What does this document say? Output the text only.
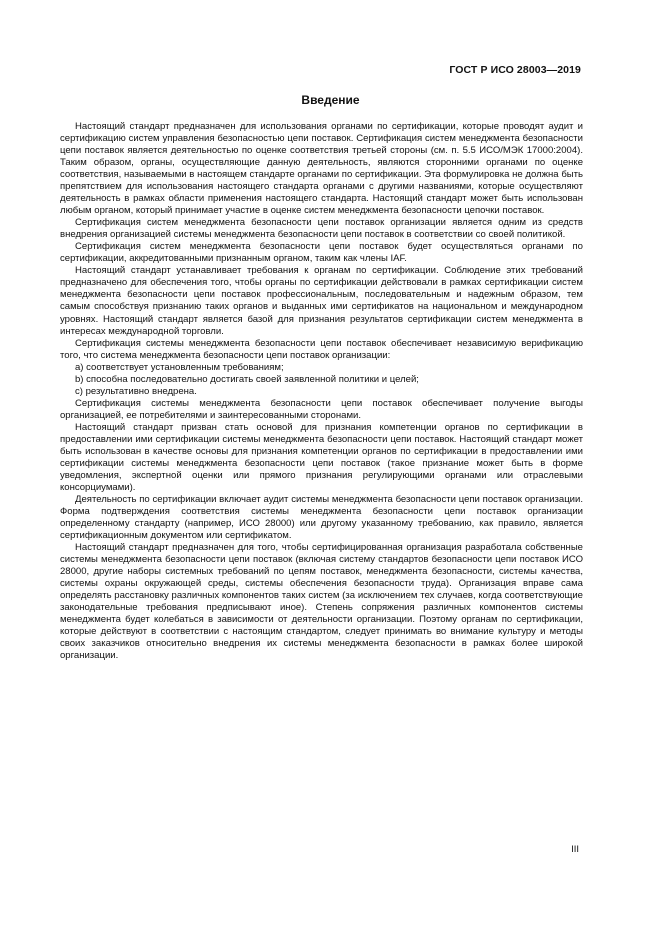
ГОСТ Р ИСО 28003—2019
Введение

Настоящий стандарт предназначен для использования органами по сертификации, которые проводят аудит и сертификацию систем управления безопасностью цепи поставок. Сертификация систем менеджмента безопасности цепи поставок является деятельностью по оценке соответствия третьей стороны (см. п. 5.5 ИСО/МЭК 17000:2004). Таким образом, органы, осуществляющие данную деятельность, являются сторонними органами по оценке соответствия, называемыми в настоящем стандарте органами по сертификации. Эта формулировка не должна быть препятствием для использования настоящего стандарта органами с другими названиями, которые осуществляют деятельность в рамках области применения настоящего стандарта. Настоящий стандарт может быть использован любым органом, который принимает участие в оценке систем менеджмента безопасности цепочки поставок.

Сертификация систем менеджмента безопасности цепи поставок организации является одним из средств внедрения организацией системы менеджмента безопасности цепи поставок в соответствии со своей политикой.

Сертификация систем менеджмента безопасности цепи поставок будет осуществляться органами по сертификации, аккредитованными признанным органом, таким как члены IAF.

Настоящий стандарт устанавливает требования к органам по сертификации. Соблюдение этих требований предназначено для обеспечения того, чтобы органы по сертификации действовали в рамках сертификации систем менеджмента безопасности цепи поставок профессиональным, последовательным и надежным образом, тем самым способствуя признанию таких органов и выданных ими сертификатов на национальном и международном уровнях. Настоящий стандарт является базой для признания результатов сертификации систем менеджмента в интересах международной торговли.

Сертификация системы менеджмента безопасности цепи поставок обеспечивает независимую верификацию того, что система менеджмента безопасности цепи поставок организации:

a) соответствует установленным требованиям;

b) способна последовательно достигать своей заявленной политики и целей;

c) результативно внедрена.

Сертификация системы менеджмента безопасности цепи поставок обеспечивает получение выгоды организацией, ее потребителями и заинтересованными сторонами.

Настоящий стандарт призван стать основой для признания компетенции органов по сертификации в предоставлении ими сертификации системы менеджмента безопасности цепи поставок. Настоящий стандарт может быть использован в качестве основы для признания компетенции органов по сертификации в предоставлении ими сертификации системы менеджмента безопасности цепи поставок (такое признание может быть в форме уведомления, экспертной оценки или прямого признания регулирующими органами или отраслевыми консорциумами).

Деятельность по сертификации включает аудит системы менеджмента безопасности цепи поставок организации. Форма подтверждения соответствия системы менеджмента безопасности цепи поставок организации определенному стандарту (например, ИСО 28000) или другому указанному требованию, как правило, является сертификационным документом или сертификатом.

Настоящий стандарт предназначен для того, чтобы сертифицированная организация разработала собственные системы менеджмента безопасности цепи поставок (включая систему стандартов безопасности цепи поставок ИСО 28000, другие наборы системных требований по цепям поставок, менеджмента безопасности, системы качества, системы охраны окружающей среды, системы обеспечения безопасности труда). Организация вправе сама определять расстановку различных компонентов таких систем (за исключением тех случаев, когда соответствующие законодательные требования предписывают иное). Степень сопряжения различных компонентов системы менеджмента будет колебаться в зависимости от деятельности организации. Поэтому органам по сертификации, которые действуют в соответствии с настоящим стандартом, следует принимать во внимание культуру и методы своих заказчиков относительно внедрения их системы менеджмента безопасности в рамках более широкой организации.

III
